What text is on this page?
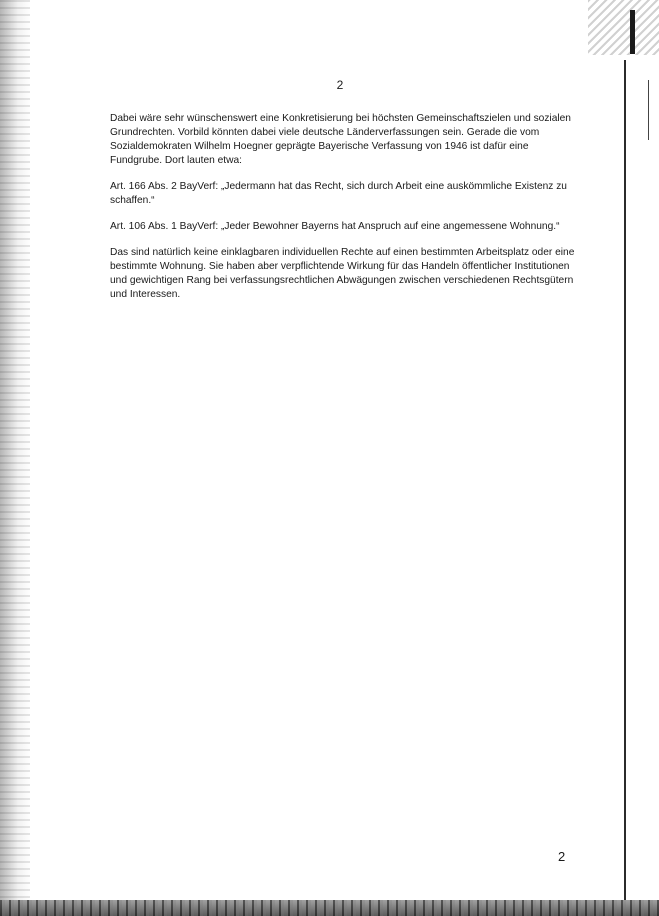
2

Dabei wäre sehr wünschenswert eine Konkretisierung bei höchsten Gemeinschaftszielen und sozialen Grundrechten. Vorbild könnten dabei viele deutsche Länderverfassungen sein. Gerade die vom Sozialdemokraten Wilhelm Hoegner geprägte Bayerische Verfassung von 1946 ist dafür eine Fundgrube. Dort lauten etwa:

Art. 166 Abs. 2 BayVerf: „Jedermann hat das Recht, sich durch Arbeit eine auskömmliche Existenz zu schaffen.“

Art. 106 Abs. 1 BayVerf: „Jeder Bewohner Bayerns hat Anspruch auf eine angemessene Wohnung.“

Das sind natürlich keine einklagbaren individuellen Rechte auf einen bestimmten Arbeitsplatz oder eine bestimmte Wohnung. Sie haben aber verpflichtende Wirkung für das Handeln öffentlicher Institutionen und gewichtigen Rang bei verfassungsrechtlichen Abwägungen zwischen verschiedenen Rechtsgütern und Interessen.

2
